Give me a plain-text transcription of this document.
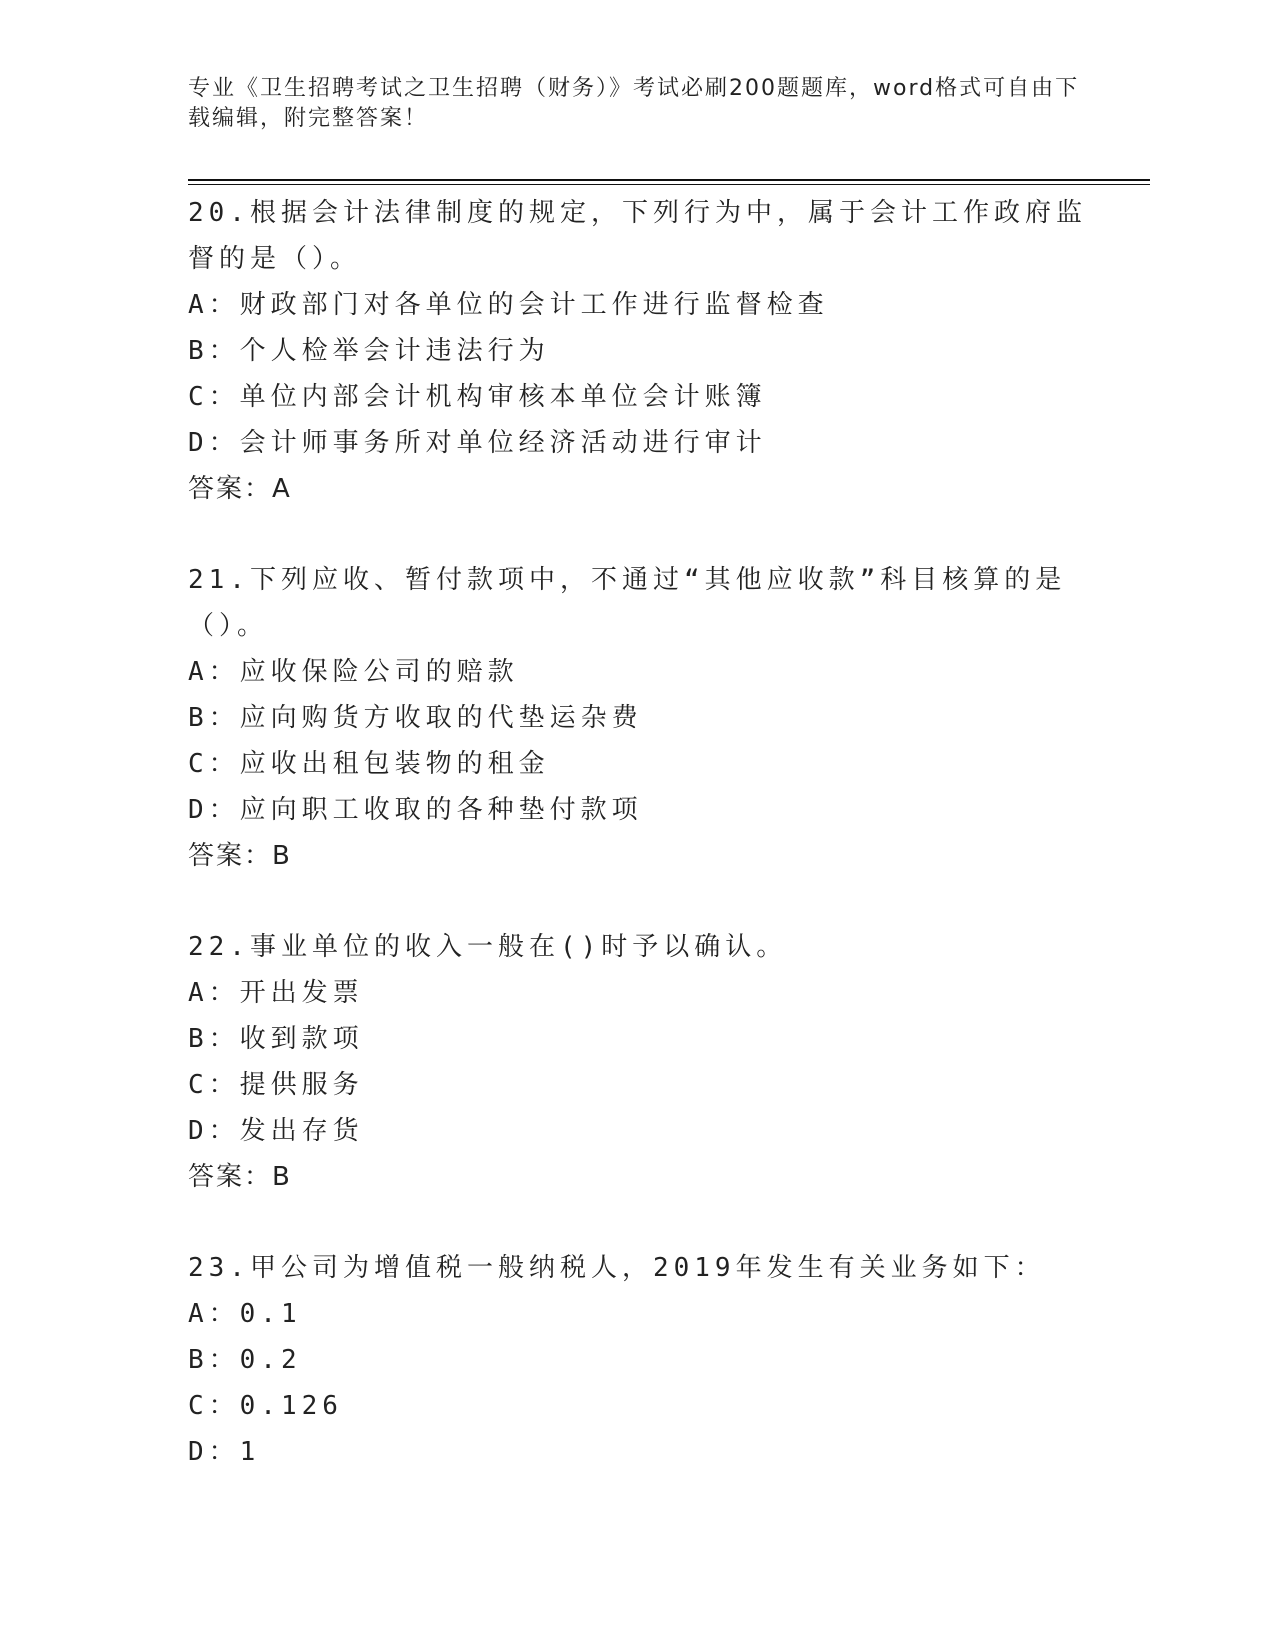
专业《卫生招聘考试之卫生招聘（财务）》考试必刷200题题库，word格式可自由下载编辑，附完整答案！

20.根据会计法律制度的规定，下列行为中，属于会计工作政府监督的是（）。

A：财政部门对各单位的会计工作进行监督检查

B：个人检举会计违法行为

C：单位内部会计机构审核本单位会计账簿

D：会计师事务所对单位经济活动进行审计

答案：A

21.下列应收、暂付款项中，不通过“其他应收款”科目核算的是（）。

A：应收保险公司的赔款

B：应向购货方收取的代垫运杂费

C：应收出租包装物的租金

D：应向职工收取的各种垫付款项

答案：B

22.事业单位的收入一般在()时予以确认。

A：开出发票

B：收到款项

C：提供服务

D：发出存货

答案：B

23.甲公司为增值税一般纳税人，2019年发生有关业务如下：

A：0.1

B：0.2

C：0.126

D：1
